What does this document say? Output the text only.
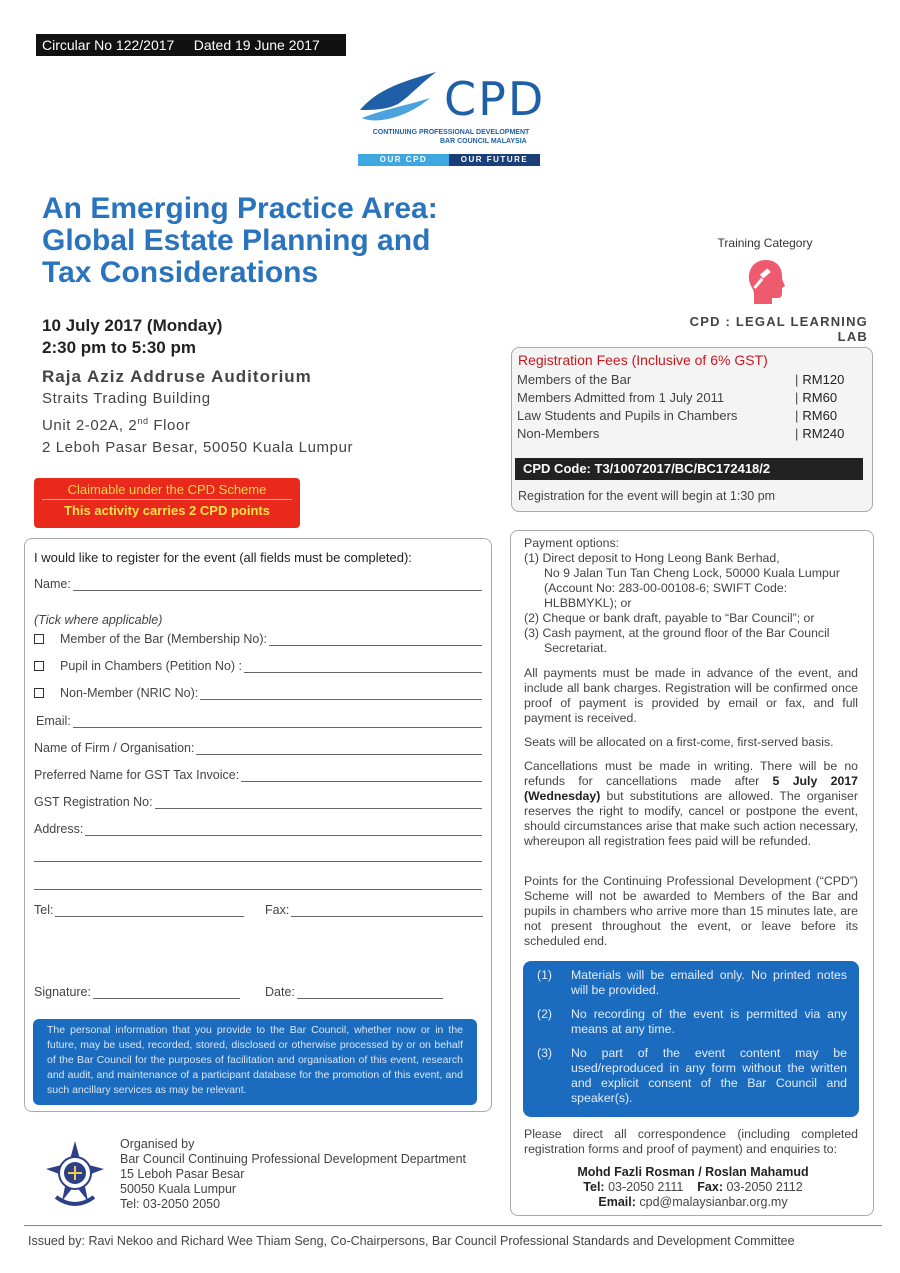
Circular No 122/2017     Dated 19 June 2017
CPD
CONTINUING PROFESSIONAL DEVELOPMENT
BAR COUNCIL MALAYSIA
OUR CPD	OUR FUTURE
An Emerging Practice Area:
Global Estate Planning and
Tax Considerations
Training Category
CPD : LEGAL LEARNING LAB
10 July 2017 (Monday)
2:30 pm to 5:30 pm
Raja Aziz Addruse Auditorium
Straits Trading Building
Unit 2-02A, 2nd Floor
2 Leboh Pasar Besar, 50050 Kuala Lumpur
Claimable under the CPD Scheme
This activity carries 2 CPD points
Registration Fees (Inclusive of 6% GST)
Members of the Bar	|	RM120
Members Admitted from 1 July 2011	|	RM60
Law Students and Pupils in Chambers	|	RM60
Non-Members	|	RM240
CPD Code: T3/10072017/BC/BC172418/2
Registration for the event will begin at 1:30 pm
I would like to register for the event (all fields must be completed):
Name:
(Tick where applicable)
Member of the Bar (Membership No):
Pupil in Chambers (Petition No) :
Non-Member (NRIC No):
Email:
Name of Firm / Organisation:
Preferred Name for GST Tax Invoice:
GST Registration No:
Address:
Tel:	Fax:
Signature:	Date:
The personal information that you provide to the Bar Council, whether now or in the future, may be used, recorded, stored, disclosed or otherwise processed by or on behalf of the Bar Council for the purposes of facilitation and organisation of this event, research and audit, and maintenance of a participant database for the promotion of this event, and such ancillary services as may be relevant.
Payment options:
(1) Direct deposit to Hong Leong Bank Berhad,
No 9 Jalan Tun Tan Cheng Lock, 50000 Kuala Lumpur
(Account No: 283-00-00108-6; SWIFT Code:
HLBBMYKL); or
(2) Cheque or bank draft, payable to “Bar Council”; or
(3) Cash payment, at the ground floor of the Bar Council
Secretariat.
All payments must be made in advance of the event, and include all bank charges. Registration will be confirmed once proof of payment is provided by email or fax, and full payment is received.
Seats will be allocated on a first-come, first-served basis.
Cancellations must be made in writing. There will be no refunds for cancellations made after 5 July 2017 (Wednesday) but substitutions are allowed. The organiser reserves the right to modify, cancel or postpone the event, should circumstances arise that make such action necessary, whereupon all registration fees paid will be refunded.
Points for the Continuing Professional Development (“CPD”) Scheme will not be awarded to Members of the Bar and pupils in chambers who arrive more than 15 minutes late, are not present throughout the event, or leave before its scheduled end.
(1)	Materials will be emailed only. No printed notes will be provided.
(2)	No recording of the event is permitted via any means at any time.
(3)	No part of the event content may be used/reproduced in any form without the written and explicit consent of the Bar Council and speaker(s).
Please direct all correspondence (including completed registration forms and proof of payment) and enquiries to:
Mohd Fazli Rosman / Roslan Mahamud
Tel: 03-2050 2111 Fax: 03-2050 2112
Email: cpd@malaysianbar.org.my
Organised by
Bar Council Continuing Professional Development Department
15 Leboh Pasar Besar
50050 Kuala Lumpur
Tel: 03-2050 2050
Issued by: Ravi Nekoo and Richard Wee Thiam Seng, Co-Chairpersons, Bar Council Professional Standards and Development Committee
